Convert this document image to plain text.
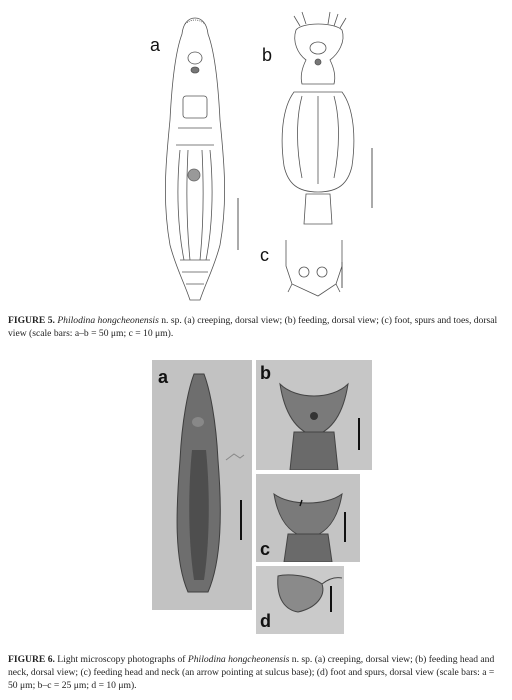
a	b
c
FIGURE 5. Philodina hongcheonensis n. sp. (a) creeping, dorsal view; (b) feeding, dorsal view; (c) foot, spurs and toes, dorsal view (scale bars: a–b = 50 μm; c = 10 μm).
a	b
c
d
FIGURE 6. Light microscopy photographs of Philodina hongcheonensis n. sp. (a) creeping, dorsal view; (b) feeding head and neck, dorsal view; (c) feeding head and neck (an arrow pointing at sulcus base); (d) foot and spurs, dorsal view (scale bars: a = 50 μm; b–c = 25 μm; d = 10 μm).
